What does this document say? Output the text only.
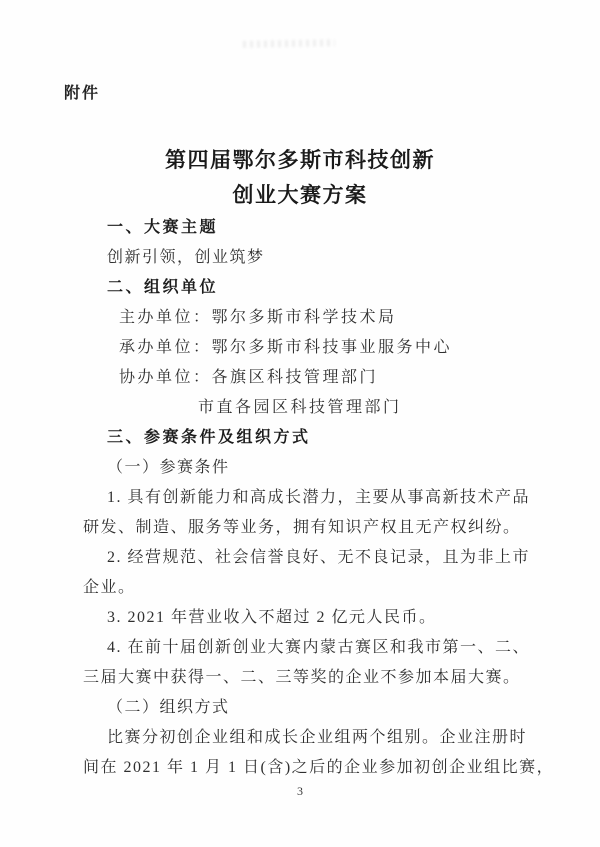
附件
第四届鄂尔多斯市科技创新
创业大赛方案
一、大赛主题
创新引领，创业筑梦
二、组织单位
主办单位：鄂尔多斯市科学技术局
承办单位：鄂尔多斯市科技事业服务中心
协办单位：各旗区科技管理部门
市直各园区科技管理部门
三、参赛条件及组织方式
（一）参赛条件
1. 具有创新能力和高成长潜力，主要从事高新技术产品
研发、制造、服务等业务，拥有知识产权且无产权纠纷。
2. 经营规范、社会信誉良好、无不良记录，且为非上市
企业。
3. 2021 年营业收入不超过 2 亿元人民币。
4. 在前十届创新创业大赛内蒙古赛区和我市第一、二、
三届大赛中获得一、二、三等奖的企业不参加本届大赛。
（二）组织方式
比赛分初创企业组和成长企业组两个组别。企业注册时
间在 2021 年 1 月 1 日(含)之后的企业参加初创企业组比赛，
3
